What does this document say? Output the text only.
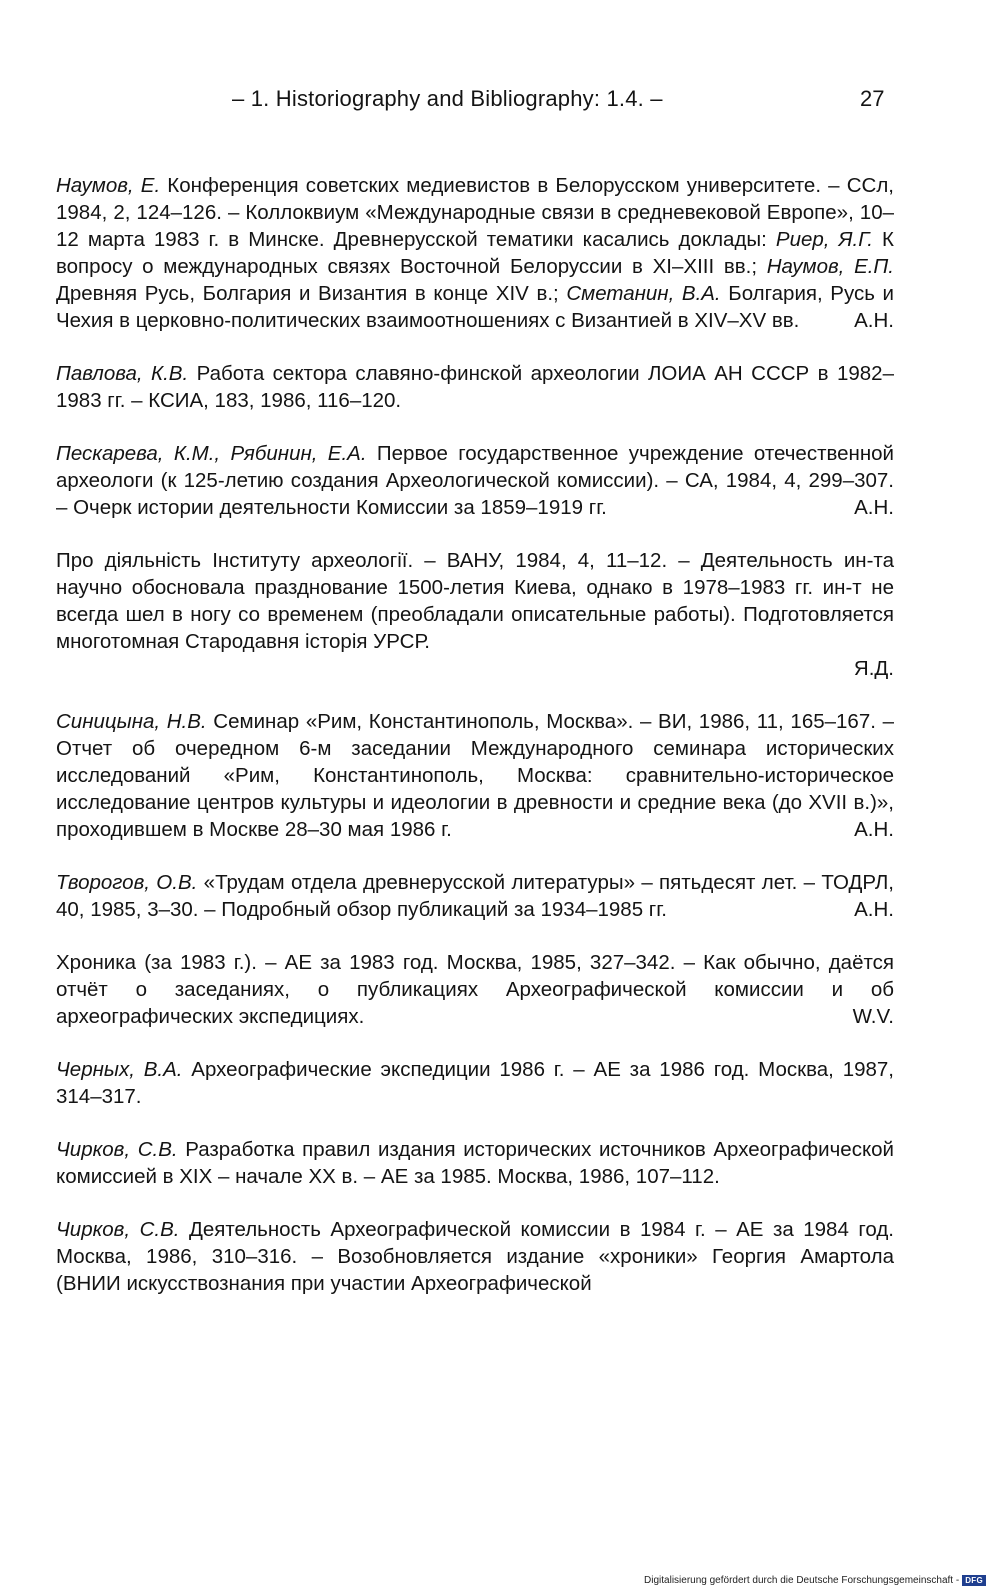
– 1. Historiography and Bibliography: 1.4. –	27

Наумов, Е. Конференция советских медиевистов в Белорусском университете. – ССл, 1984, 2, 124–126. – Коллоквиум «Международные связи в средневековой Европе», 10–12 марта 1983 г. в Минске. Древнерусской тематики касались доклады: Риер, Я.Г. К вопросу о международных связях Восточной Белоруссии в XI–XIII вв.; Наумов, Е.П. Древняя Русь, Болгария и Византия в конце XIV в.; Сметанин, В.А. Болгария, Русь и Чехия в церковно-политических взаимоотношениях с Византией в XIV–XV вв.	А.Н.

Павлова, К.В. Работа сектора славяно-финской археологии ЛОИА АН СССР в 1982–1983 гг. – КСИА, 183, 1986, 116–120.

Пескарева, К.М., Рябинин, Е.А. Первое государственное учреждение отечественной археологи (к 125-летию создания Археологической комиссии). – СА, 1984, 4, 299–307. – Очерк истории деятельности Комиссии за 1859–1919 гг.	А.Н.

Про діяльність Інституту археології. – ВАНУ, 1984, 4, 11–12. – Деятельность ин-та научно обосновала празднование 1500-летия Киева, однако в 1978–1983 гг. ин-т не всегда шел в ногу со временем (преобладали описательные работы). Подготовляется многотомная Стародавня історія УРСР.

Я.Д.

Синицына, Н.В. Семинар «Рим, Константинополь, Москва». – ВИ, 1986, 11, 165–167. – Отчет об очередном 6-м заседании Международного семинара исторических исследований «Рим, Константинополь, Москва: сравнительно-историческое исследование центров культуры и идеологии в древности и средние века (до XVII в.)», проходившем в Москве 28–30 мая 1986 г.	А.Н.

Творогов, О.В. «Трудам отдела древнерусской литературы» – пятьдесят лет. – ТОДРЛ, 40, 1985, 3–30. – Подробный обзор публикаций за 1934–1985 гг.	А.Н.

Хроника (за 1983 г.). – АЕ за 1983 год. Москва, 1985, 327–342. – Как обычно, даётся отчёт о заседаниях, о публикациях Археографической комиссии и об археографических экспедициях.	W.V.

Черных, В.А. Археографические экспедиции 1986 г. – АЕ за 1986 год. Москва, 1987, 314–317.

Чирков, С.В. Разработка правил издания исторических источников Археографической комиссией в XIX – начале XX в. – АЕ за 1985. Москва, 1986, 107–112.

Чирков, С.В. Деятельность Археографической комиссии в 1984 г. – АЕ за 1984 год. Москва, 1986, 310–316. – Возобновляется издание «хроники» Георгия Амартола (ВНИИ искусствознания при участии Археографической

Digitalisierung gefördert durch die Deutsche Forschungsgemeinschaft - DFG
